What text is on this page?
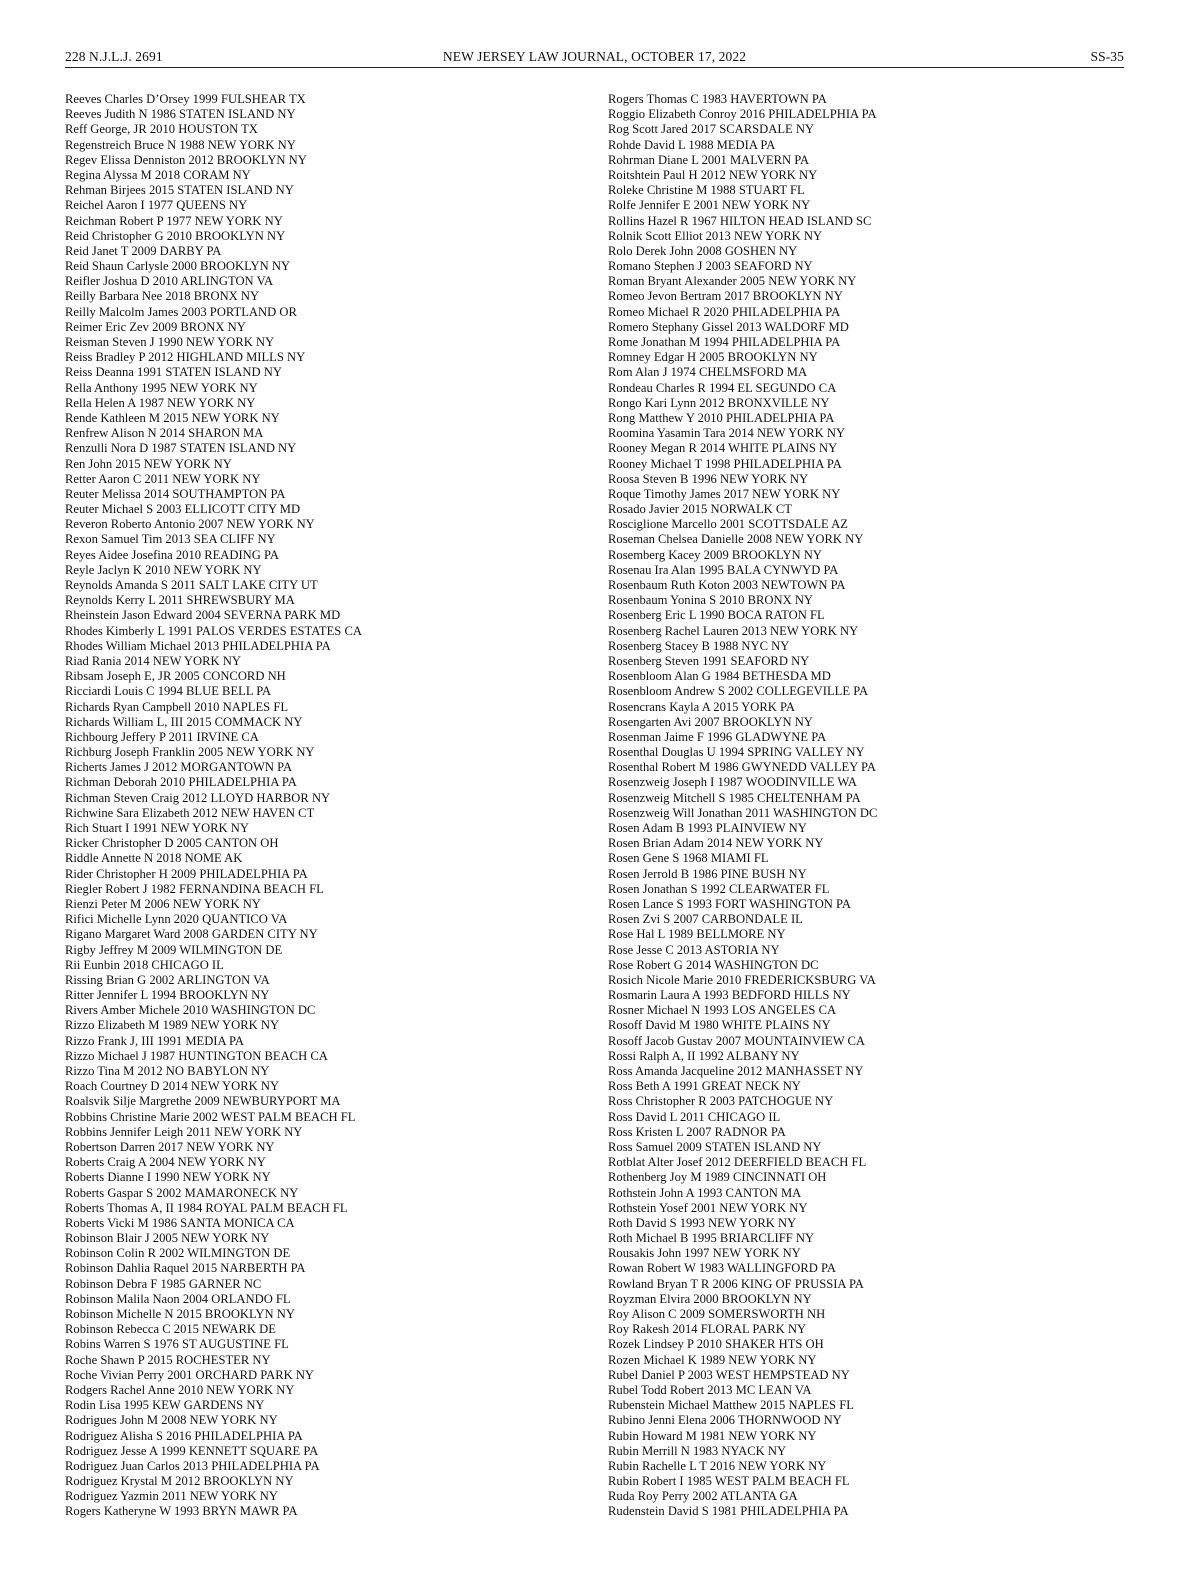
228 N.J.L.J. 2691	NEW JERSEY LAW JOURNAL, OCTOBER 17, 2022	SS-35
Reeves Charles D’Orsey 1999 FULSHEAR TX
Reeves Judith N 1986 STATEN ISLAND NY
Reff George, JR 2010 HOUSTON TX
Regenstreich Bruce N 1988 NEW YORK NY
Regev Elissa Denniston 2012 BROOKLYN NY
Regina Alyssa M 2018 CORAM NY
Rehman Birjees 2015 STATEN ISLAND NY
Reichel Aaron I 1977 QUEENS NY
Reichman Robert P 1977 NEW YORK NY
Reid Christopher G 2010 BROOKLYN NY
Reid Janet T 2009 DARBY PA
Reid Shaun Carlysle 2000 BROOKLYN NY
Reifler Joshua D 2010 ARLINGTON VA
Reilly Barbara Nee 2018 BRONX NY
Reilly Malcolm James 2003 PORTLAND OR
Reimer Eric Zev 2009 BRONX NY
Reisman Steven J 1990 NEW YORK NY
Reiss Bradley P 2012 HIGHLAND MILLS NY
Reiss Deanna 1991 STATEN ISLAND NY
Rella Anthony 1995 NEW YORK NY
Rella Helen A 1987 NEW YORK NY
Rende Kathleen M 2015 NEW YORK NY
Renfrew Alison N 2014 SHARON MA
Renzulli Nora D 1987 STATEN ISLAND NY
Ren John 2015 NEW YORK NY
Retter Aaron C 2011 NEW YORK NY
Reuter Melissa 2014 SOUTHAMPTON PA
Reuter Michael S 2003 ELLICOTT CITY MD
Reveron Roberto Antonio 2007 NEW YORK NY
Rexon Samuel Tim 2013 SEA CLIFF NY
Reyes Aidee Josefina 2010 READING PA
Reyle Jaclyn K 2010 NEW YORK NY
Reynolds Amanda S 2011 SALT LAKE CITY UT
Reynolds Kerry L 2011 SHREWSBURY MA
Rheinstein Jason Edward 2004 SEVERNA PARK MD
Rhodes Kimberly L 1991 PALOS VERDES ESTATES CA
Rhodes William Michael 2013 PHILADELPHIA PA
Riad Rania 2014 NEW YORK NY
Ribsam Joseph E, JR 2005 CONCORD NH
Ricciardi Louis C 1994 BLUE BELL PA
Richards Ryan Campbell 2010 NAPLES FL
Richards William L, III 2015 COMMACK NY
Richbourg Jeffery P 2011 IRVINE CA
Richburg Joseph Franklin 2005 NEW YORK NY
Richerts James J 2012 MORGANTOWN PA
Richman Deborah 2010 PHILADELPHIA PA
Richman Steven Craig 2012 LLOYD HARBOR NY
Richwine Sara Elizabeth 2012 NEW HAVEN CT
Rich Stuart I 1991 NEW YORK NY
Ricker Christopher D 2005 CANTON OH
Riddle Annette N 2018 NOME AK
Rider Christopher H 2009 PHILADELPHIA PA
Riegler Robert J 1982 FERNANDINA BEACH FL
Rienzi Peter M 2006 NEW YORK NY
Rifici Michelle Lynn 2020 QUANTICO VA
Rigano Margaret Ward 2008 GARDEN CITY NY
Rigby Jeffrey M 2009 WILMINGTON DE
Rii Eunbin 2018 CHICAGO IL
Rissing Brian G 2002 ARLINGTON VA
Ritter Jennifer L 1994 BROOKLYN NY
Rivers Amber Michele 2010 WASHINGTON DC
Rizzo Elizabeth M 1989 NEW YORK NY
Rizzo Frank J, III 1991 MEDIA PA
Rizzo Michael J 1987 HUNTINGTON BEACH CA
Rizzo Tina M 2012 NO BABYLON NY
Roach Courtney D 2014 NEW YORK NY
Roalsvik Silje Margrethe 2009 NEWBURYPORT MA
Robbins Christine Marie 2002 WEST PALM BEACH FL
Robbins Jennifer Leigh 2011 NEW YORK NY
Robertson Darren 2017 NEW YORK NY
Roberts Craig A 2004 NEW YORK NY
Roberts Dianne I 1990 NEW YORK NY
Roberts Gaspar S 2002 MAMARONECK NY
Roberts Thomas A, II 1984 ROYAL PALM BEACH FL
Roberts Vicki M 1986 SANTA MONICA CA
Robinson Blair J 2005 NEW YORK NY
Robinson Colin R 2002 WILMINGTON DE
Robinson Dahlia Raquel 2015 NARBERTH PA
Robinson Debra F 1985 GARNER NC
Robinson Malila Naon 2004 ORLANDO FL
Robinson Michelle N 2015 BROOKLYN NY
Robinson Rebecca C 2015 NEWARK DE
Robins Warren S 1976 ST AUGUSTINE FL
Roche Shawn P 2015 ROCHESTER NY
Roche Vivian Perry 2001 ORCHARD PARK NY
Rodgers Rachel Anne 2010 NEW YORK NY
Rodin Lisa 1995 KEW GARDENS NY
Rodrigues John M 2008 NEW YORK NY
Rodriguez Alisha S 2016 PHILADELPHIA PA
Rodriguez Jesse A 1999 KENNETT SQUARE PA
Rodriguez Juan Carlos 2013 PHILADELPHIA PA
Rodriguez Krystal M 2012 BROOKLYN NY
Rodriguez Yazmin 2011 NEW YORK NY
Rogers Katheryne W 1993 BRYN MAWR PA
Rogers Thomas C 1983 HAVERTOWN PA
Roggio Elizabeth Conroy 2016 PHILADELPHIA PA
Rog Scott Jared 2017 SCARSDALE NY
Rohde David L 1988 MEDIA PA
Rohrman Diane L 2001 MALVERN PA
Roitshtein Paul H 2012 NEW YORK NY
Roleke Christine M 1988 STUART FL
Rolfe Jennifer E 2001 NEW YORK NY
Rollins Hazel R 1967 HILTON HEAD ISLAND SC
Rolnik Scott Elliot 2013 NEW YORK NY
Rolo Derek John 2008 GOSHEN NY
Romano Stephen J 2003 SEAFORD NY
Roman Bryant Alexander 2005 NEW YORK NY
Romeo Jevon Bertram 2017 BROOKLYN NY
Romeo Michael R 2020 PHILADELPHIA PA
Romero Stephany Gissel 2013 WALDORF MD
Rome Jonathan M 1994 PHILADELPHIA PA
Romney Edgar H 2005 BROOKLYN NY
Rom Alan J 1974 CHELMSFORD MA
Rondeau Charles R 1994 EL SEGUNDO CA
Rongo Kari Lynn 2012 BRONXVILLE NY
Rong Matthew Y 2010 PHILADELPHIA PA
Roomina Yasamin Tara 2014 NEW YORK NY
Rooney Megan R 2014 WHITE PLAINS NY
Rooney Michael T 1998 PHILADELPHIA PA
Roosa Steven B 1996 NEW YORK NY
Roque Timothy James 2017 NEW YORK NY
Rosado Javier 2015 NORWALK CT
Rosciglione Marcello 2001 SCOTTSDALE AZ
Roseman Chelsea Danielle 2008 NEW YORK NY
Rosemberg Kacey 2009 BROOKLYN NY
Rosenau Ira Alan 1995 BALA CYNWYD PA
Rosenbaum Ruth Koton 2003 NEWTOWN PA
Rosenbaum Yonina S 2010 BRONX NY
Rosenberg Eric L 1990 BOCA RATON FL
Rosenberg Rachel Lauren 2013 NEW YORK NY
Rosenberg Stacey B 1988 NYC NY
Rosenberg Steven 1991 SEAFORD NY
Rosenbloom Alan G 1984 BETHESDA MD
Rosenbloom Andrew S 2002 COLLEGEVILLE PA
Rosencrans Kayla A 2015 YORK PA
Rosengarten Avi 2007 BROOKLYN NY
Rosenman Jaime F 1996 GLADWYNE PA
Rosenthal Douglas U 1994 SPRING VALLEY NY
Rosenthal Robert M 1986 GWYNEDD VALLEY PA
Rosenzweig Joseph I 1987 WOODINVILLE WA
Rosenzweig Mitchell S 1985 CHELTENHAM PA
Rosenzweig Will Jonathan 2011 WASHINGTON DC
Rosen Adam B 1993 PLAINVIEW NY
Rosen Brian Adam 2014 NEW YORK NY
Rosen Gene S 1968 MIAMI FL
Rosen Jerrold B 1986 PINE BUSH NY
Rosen Jonathan S 1992 CLEARWATER FL
Rosen Lance S 1993 FORT WASHINGTON PA
Rosen Zvi S 2007 CARBONDALE IL
Rose Hal L 1989 BELLMORE NY
Rose Jesse C 2013 ASTORIA NY
Rose Robert G 2014 WASHINGTON DC
Rosich Nicole Marie 2010 FREDERICKSBURG VA
Rosmarin Laura A 1993 BEDFORD HILLS NY
Rosner Michael N 1993 LOS ANGELES CA
Rosoff David M 1980 WHITE PLAINS NY
Rosoff Jacob Gustav 2007 MOUNTAINVIEW CA
Rossi Ralph A, II 1992 ALBANY NY
Ross Amanda Jacqueline 2012 MANHASSET NY
Ross Beth A 1991 GREAT NECK NY
Ross Christopher R 2003 PATCHOGUE NY
Ross David L 2011 CHICAGO IL
Ross Kristen L 2007 RADNOR PA
Ross Samuel 2009 STATEN ISLAND NY
Rotblat Alter Josef 2012 DEERFIELD BEACH FL
Rothenberg Joy M 1989 CINCINNATI OH
Rothstein John A 1993 CANTON MA
Rothstein Yosef 2001 NEW YORK NY
Roth David S 1993 NEW YORK NY
Roth Michael B 1995 BRIARCLIFF NY
Rousakis John 1997 NEW YORK NY
Rowan Robert W 1983 WALLINGFORD PA
Rowland Bryan T R 2006 KING OF PRUSSIA PA
Royzman Elvira 2000 BROOKLYN NY
Roy Alison C 2009 SOMERSWORTH NH
Roy Rakesh 2014 FLORAL PARK NY
Rozek Lindsey P 2010 SHAKER HTS OH
Rozen Michael K 1989 NEW YORK NY
Rubel Daniel P 2003 WEST HEMPSTEAD NY
Rubel Todd Robert 2013 MC LEAN VA
Rubenstein Michael Matthew 2015 NAPLES FL
Rubino Jenni Elena 2006 THORNWOOD NY
Rubin Howard M 1981 NEW YORK NY
Rubin Merrill N 1983 NYACK NY
Rubin Rachelle L T 2016 NEW YORK NY
Rubin Robert I 1985 WEST PALM BEACH FL
Ruda Roy Perry 2002 ATLANTA GA
Rudenstein David S 1981 PHILADELPHIA PA
